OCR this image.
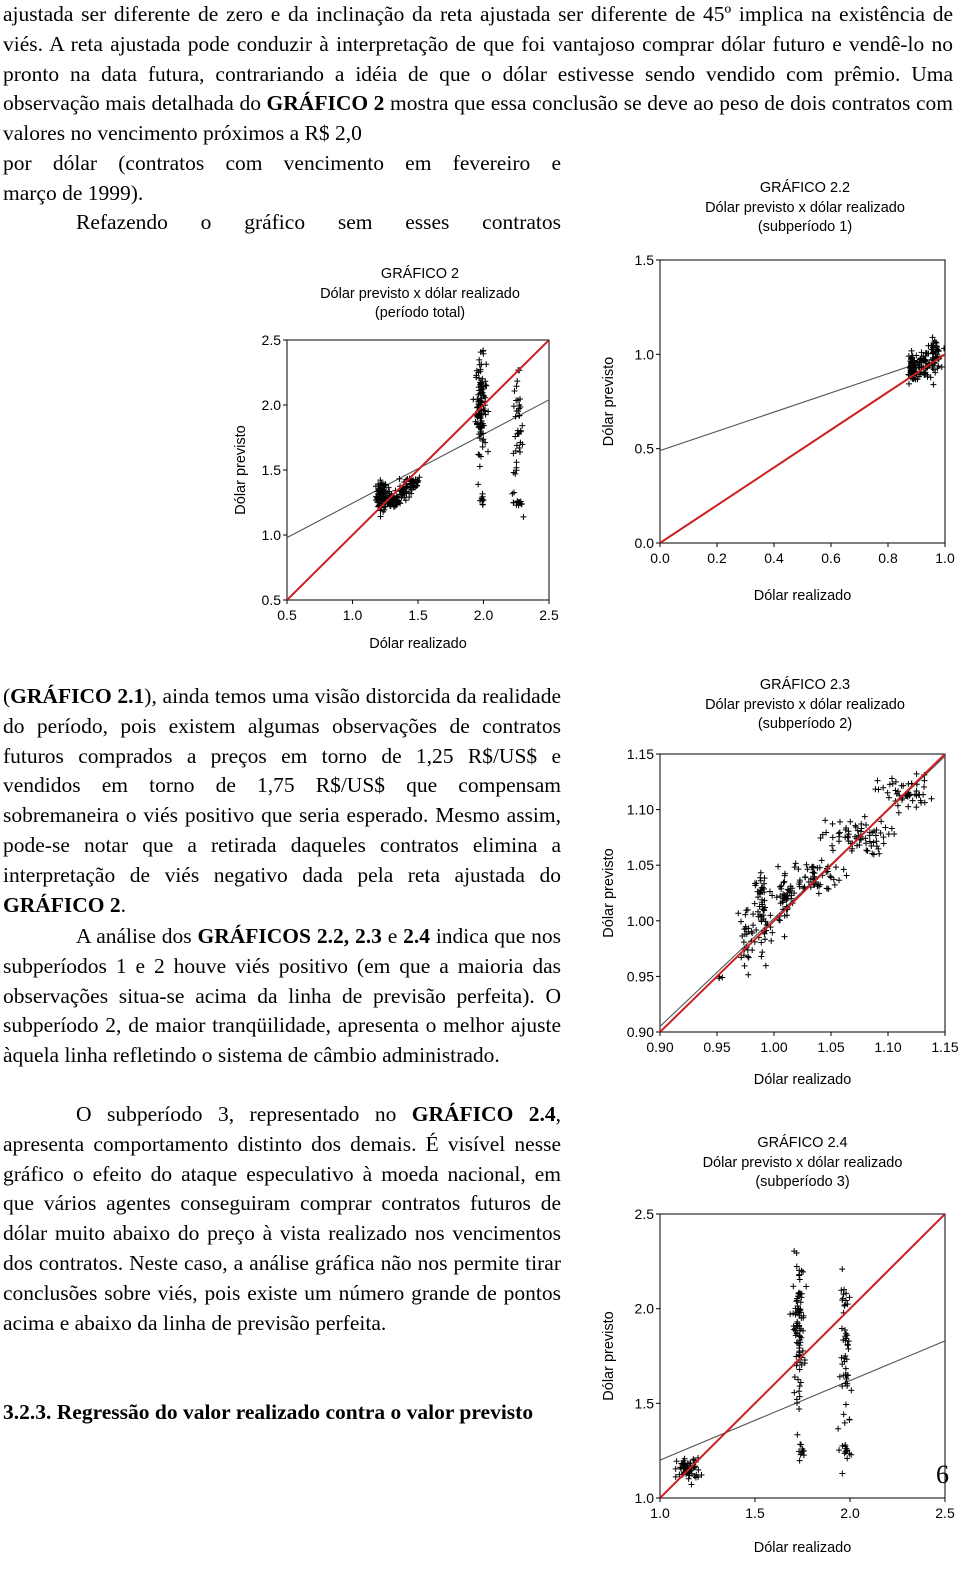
ajustada ser diferente de zero e da inclinação da reta ajustada ser diferente de 45º implica na existência de viés. A reta ajustada pode conduzir à interpretação de que foi vantajoso comprar dólar futuro e vendê-lo no pronto na data futura, contrariando a idéia de que o dólar estivesse sendo vendido com prêmio. Uma observação mais detalhada do GRÁFICO 2 mostra que essa conclusão se deve ao peso de dois contratos com valores no vencimento próximos a R$ 2,0
por dólar (contratos com vencimento em fevereiro e
março de 1999).
Refazendo o gráfico sem esses contratos
(GRÁFICO 2.1), ainda temos uma visão distorcida da realidade do período, pois existem algumas observações de contratos futuros comprados a preços em torno de 1,25 R$/US$ e vendidos em torno de 1,75 R$/US$ que compensam sobremaneira o viés positivo que seria esperado. Mesmo assim, pode-se notar que a retirada daqueles contratos elimina a interpretação de viés negativo dada pela reta ajustada do GRÁFICO 2.
A análise dos GRÁFICOS 2.2, 2.3 e 2.4 indica que nos subperíodos 1 e 2 houve viés positivo (em que a maioria das observações situa-se acima da linha de previsão perfeita). O subperíodo 2, de maior tranqüilidade, apresenta o melhor ajuste àquela linha refletindo o sistema de câmbio administrado.
O subperíodo 3, representado no GRÁFICO 2.4, apresenta comportamento distinto dos demais. É visível nesse gráfico o efeito do ataque especulativo à moeda nacional, em que vários agentes conseguiram comprar contratos futuros de dólar muito abaixo do preço à vista realizado nos vencimentos dos contratos. Neste caso, a análise gráfica não nos permite tirar conclusões sobre viés, pois existe um número grande de pontos acima e abaixo da linha de previsão perfeita.
3.2.3. Regressão do valor realizado contra o valor previsto
6
GRÁFICO 2
Dólar previsto x dólar realizado
(período total)
0.5
1.0
1.5
2.0
2.5
0.5	1.0	1.5	2.0	2.5
Dólar realizado
Dólar previsto
GRÁFICO 2.2
Dólar previsto x dólar realizado
(subperíodo 1)
0.0
0.5
1.0
1.5
0.0	0.2	0.4	0.6	0.8	1.0
Dólar realizado
Dólar previsto
GRÁFICO 2.3
Dólar previsto x dólar realizado
(subperíodo 2)
0.90
0.95
1.00
1.05
1.10
1.15
0.90 0.95 1.00 1.05 1.10 1.15
Dólar realizado
Dólar previsto
GRÁFICO 2.4
Dólar previsto x dólar realizado
(subperíodo 3)
1.0
1.5
2.0
2.5
1.0	1.5	2.0	2.5
Dólar realizado
Dólar previsto
